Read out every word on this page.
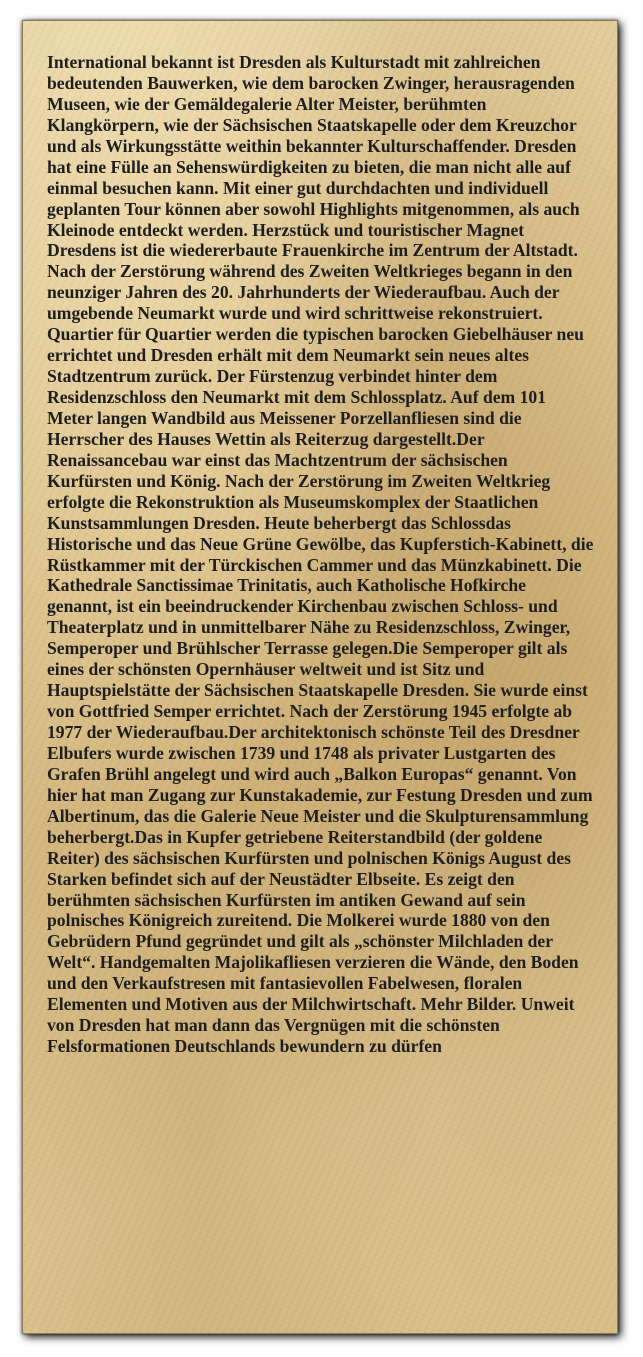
International bekannt ist Dresden als Kulturstadt mit zahlreichen bedeutenden Bauwerken, wie dem barocken Zwinger, herausragenden Museen, wie der Gemäldegalerie Alter Meister, berühmten Klangkörpern, wie der Sächsischen Staatskapelle oder dem Kreuzchor und als Wirkungsstätte weithin bekannter Kulturschaffender. Dresden hat eine Fülle an Sehenswürdigkeiten zu bieten, die man nicht alle auf einmal besuchen kann. Mit einer gut durchdachten und individuell geplanten Tour können aber sowohl Highlights mitgenommen, als auch Kleinode entdeckt werden. Herzstück und touristischer Magnet Dresdens ist die wiedererbaute Frauenkirche im Zentrum der Altstadt. Nach der Zerstörung während des Zweiten Weltkrieges begann in den neunziger Jahren des 20. Jahrhunderts der Wiederaufbau. Auch der umgebende Neumarkt wurde und wird schrittweise rekonstruiert. Quartier für Quartier werden die typischen barocken Giebelhäuser neu errichtet und Dresden erhält mit dem Neumarkt sein neues altes Stadtzentrum zurück. Der Fürstenzug verbindet hinter dem Residenzschloss den Neumarkt mit dem Schlossplatz. Auf dem 101 Meter langen Wandbild aus Meissener Porzellanfliesen sind die Herrscher des Hauses Wettin als Reiterzug dargestellt.Der Renaissancebau war einst das Machtzentrum der sächsischen Kurfürsten und König. Nach der Zerstörung im Zweiten Weltkrieg erfolgte die Rekonstruktion als Museumskomplex der Staatlichen Kunstsammlungen Dresden. Heute beherbergt das Schlossdas Historische und das Neue Grüne Gewölbe, das Kupferstich-Kabinett, die Rüstkammer mit der Türckischen Cammer und das Münzkabinett. Die Kathedrale Sanctissimae Trinitatis, auch Katholische Hofkirche genannt, ist ein beeindruckender Kirchenbau zwischen Schloss- und Theaterplatz und in unmittelbarer Nähe zu Residenzschloss, Zwinger, Semperoper und Brühlscher Terrasse gelegen.Die Semperoper gilt als eines der schönsten Opernhäuser weltweit und ist Sitz und Hauptspielstätte der Sächsischen Staatskapelle Dresden. Sie wurde einst von Gottfried Semper errichtet. Nach der Zerstörung 1945 erfolgte ab 1977 der Wiederaufbau.Der architektonisch schönste Teil des Dresdner Elbufers wurde zwischen 1739 und 1748 als privater Lustgarten des Grafen Brühl angelegt und wird auch „Balkon Europas“ genannt. Von hier hat man Zugang zur Kunstakademie, zur Festung Dresden und zum Albertinum, das die Galerie Neue Meister und die Skulpturensammlung beherbergt.Das in Kupfer getriebene Reiterstandbild (der goldene Reiter) des sächsischen Kurfürsten und polnischen Königs August des Starken befindet sich auf der Neustädter Elbseite. Es zeigt den berühmten sächsischen Kurfürsten im antiken Gewand auf sein polnisches Königreich zureitend. Die Molkerei wurde 1880 von den Gebrüdern Pfund gegründet und gilt als „schönster Milchladen der Welt“. Handgemalten Majolikafliesen verzieren die Wände, den Boden und den Verkaufstresen mit fantasievollen Fabelwesen, floralen Elementen und Motiven aus der Milchwirtschaft. Mehr Bilder. Unweit von Dresden hat man dann das Vergnügen mit die schönsten Felsformationen Deutschlands bewundern zu dürfen
